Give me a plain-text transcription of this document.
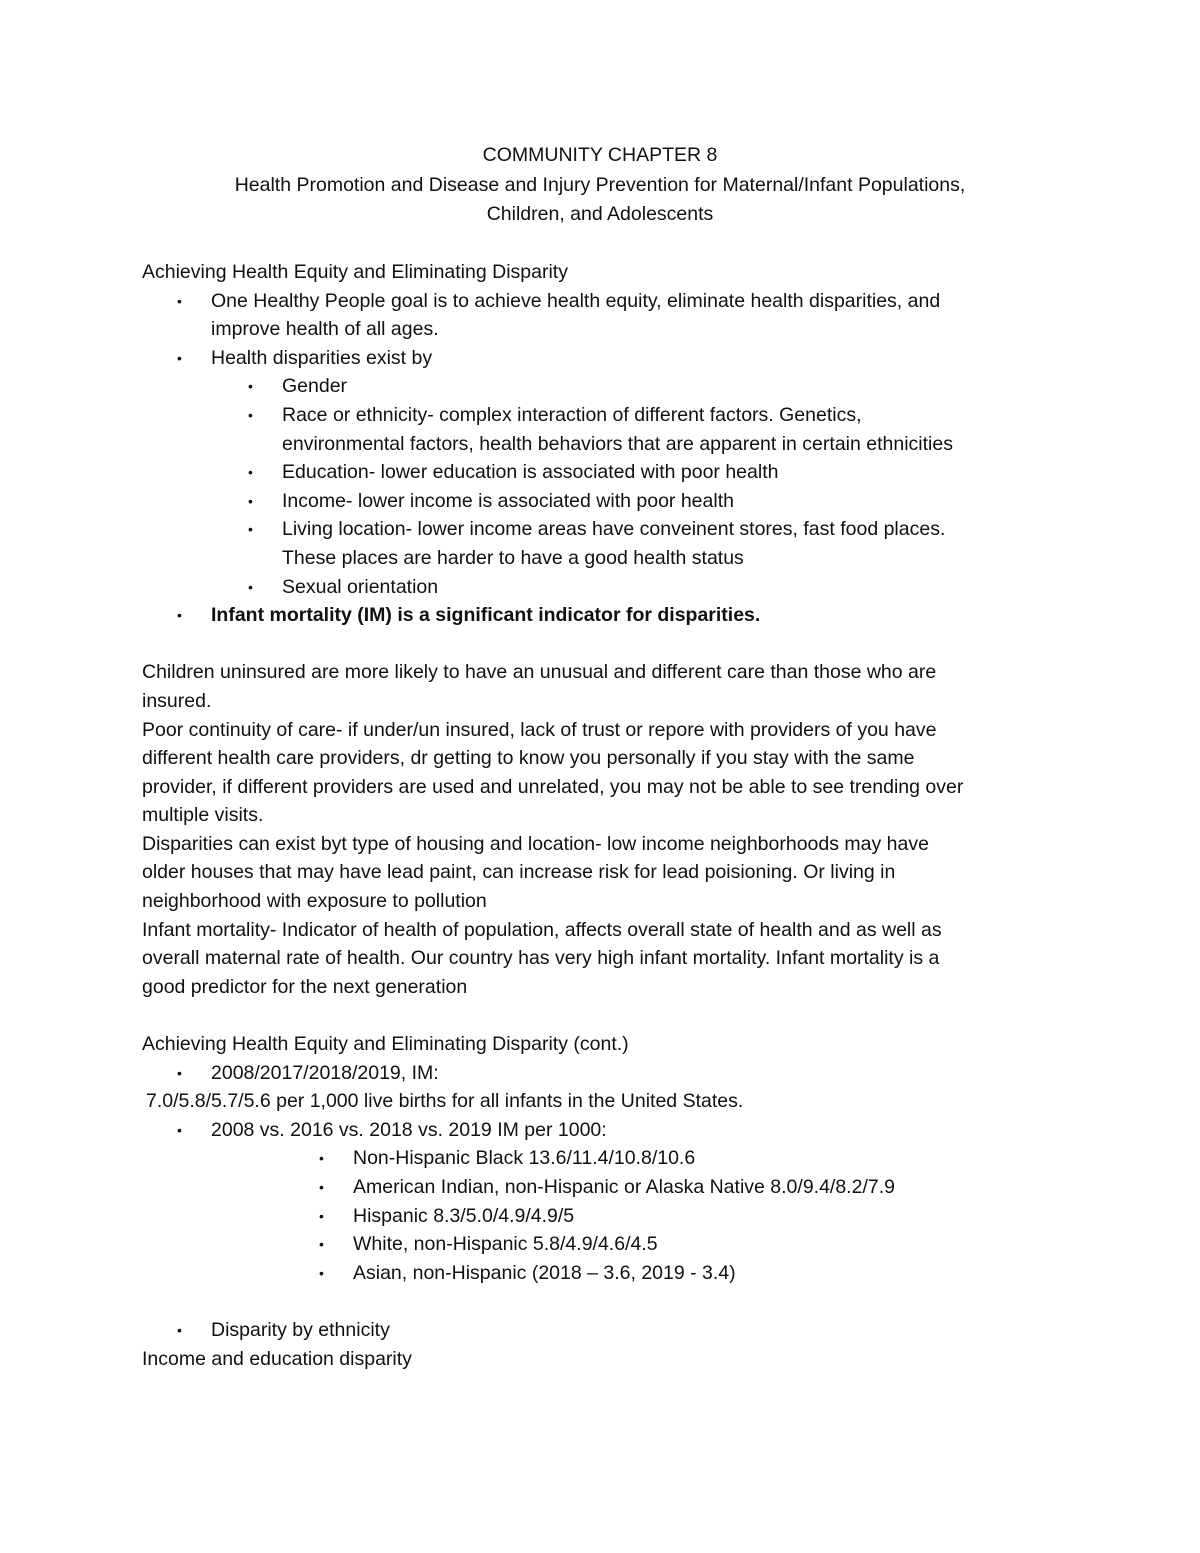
COMMUNITY CHAPTER 8
Health Promotion and Disease and Injury Prevention for Maternal/Infant Populations,
Children, and Adolescents
Achieving Health Equity and Eliminating Disparity
• One Healthy People goal is to achieve health equity, eliminate health disparities, and
improve health of all ages.
• Health disparities exist by
• Gender
• Race or ethnicity- complex interaction of different factors. Genetics,
environmental factors, health behaviors that are apparent in certain ethnicities
• Education- lower education is associated with poor health
• Income- lower income is associated with poor health
• Living location- lower income areas have conveinent stores, fast food places.
These places are harder to have a good health status
• Sexual orientation
• Infant mortality (IM) is a significant indicator for disparities.
Children uninsured are more likely to have an unusual and different care than those who are
insured.
Poor continuity of care- if under/un insured, lack of trust or repore with providers of you have
different health care providers, dr getting to know you personally if you stay with the same
provider, if different providers are used and unrelated, you may not be able to see trending over
multiple visits.
Disparities can exist byt type of housing and location- low income neighborhoods may have
older houses that may have lead paint, can increase risk for lead poisioning. Or living in
neighborhood with exposure to pollution
Infant mortality- Indicator of health of population, affects overall state of health and as well as
overall maternal rate of health. Our country has very high infant mortality. Infant mortality is a
good predictor for the next generation
Achieving Health Equity and Eliminating Disparity (cont.)
• 2008/2017/2018/2019, IM:
7.0/5.8/5.7/5.6 per 1,000 live births for all infants in the United States.
• 2008 vs. 2016 vs. 2018 vs. 2019 IM per 1000:
• Non-Hispanic Black 13.6/11.4/10.8/10.6
• American Indian, non-Hispanic or Alaska Native 8.0/9.4/8.2/7.9
• Hispanic 8.3/5.0/4.9/4.9/5
• White, non-Hispanic 5.8/4.9/4.6/4.5
• Asian, non-Hispanic (2018 – 3.6, 2019 - 3.4)
• Disparity by ethnicity
Income and education disparity
